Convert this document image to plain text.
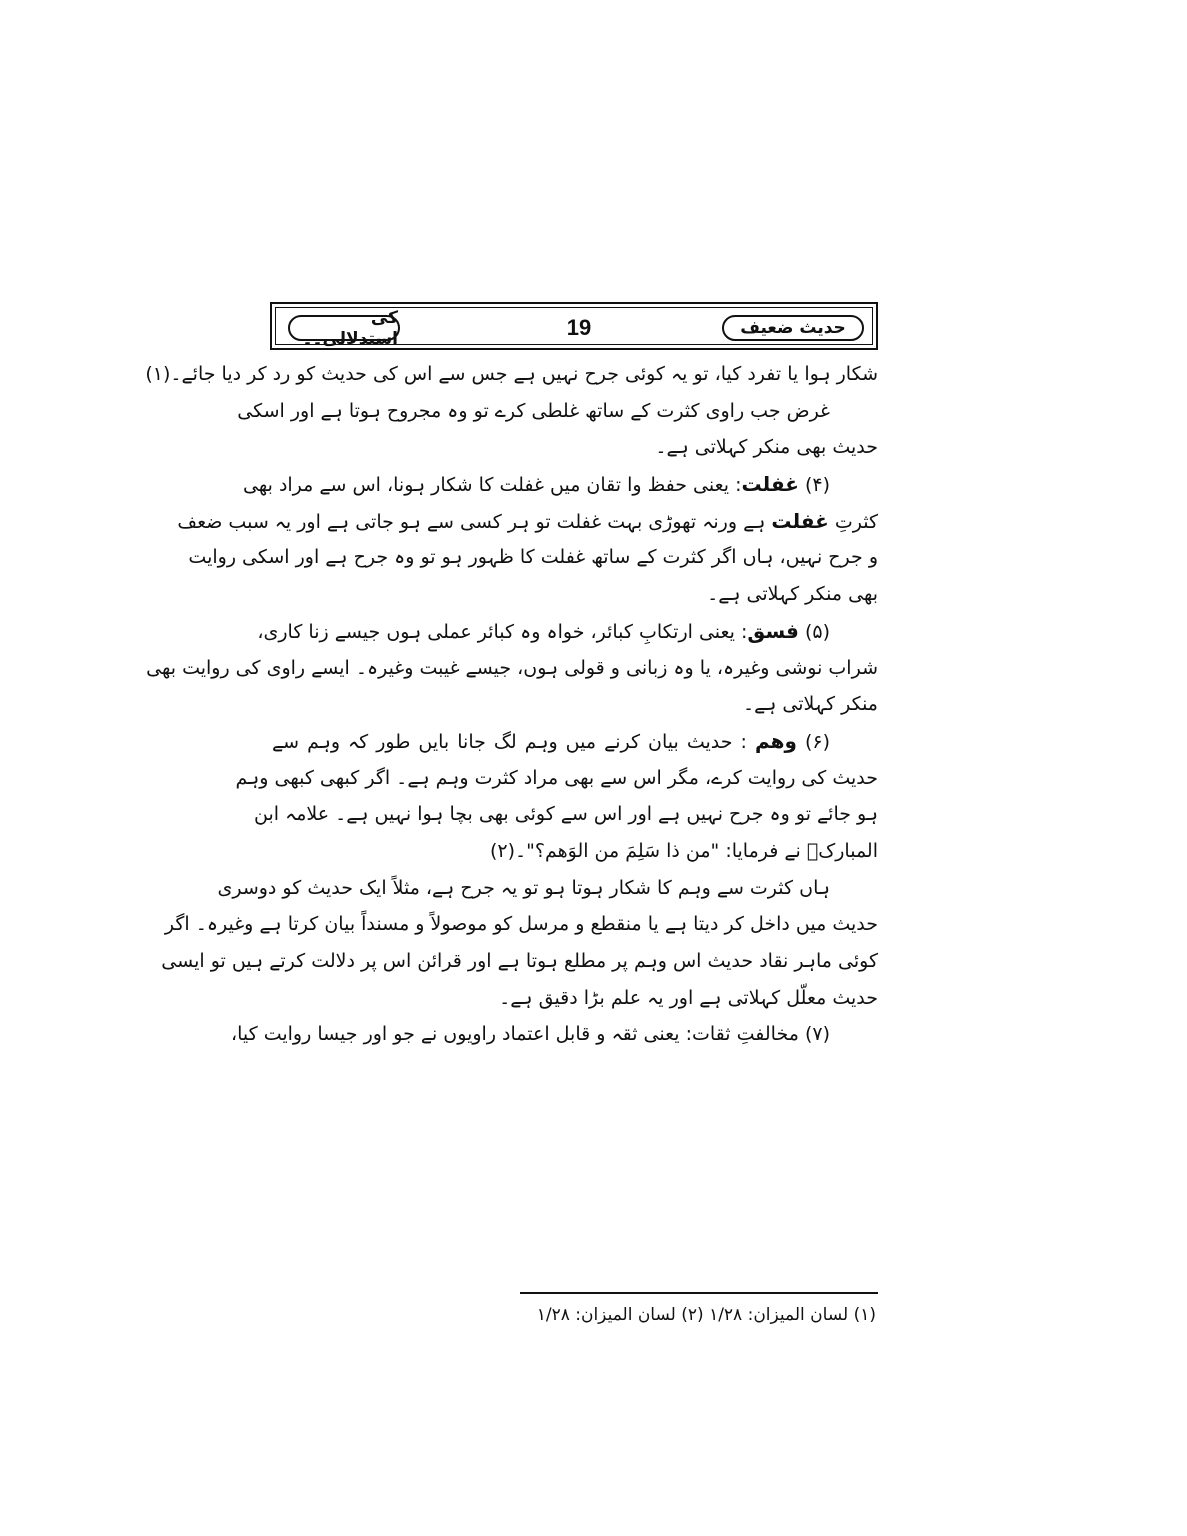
حدیث ضعیف
19
کی استدلالی۔۔
شکار ہوا یا تفرد کیا، تو یہ کوئی جرح نہیں ہے جس سے اس کی حدیث کو رد کر دیا جائے۔(۱)
غرض جب راوی کثرت کے ساتھ غلطی کرے تو وہ مجروح ہوتا ہے اور اسکی
حدیث بھی منکر کہلاتی ہے۔
(۴) غفلت: یعنی حفظ وا تقان میں غفلت کا شکار ہونا، اس سے مراد بھی
کثرتِ غفلت ہے ورنہ تھوڑی بہت غفلت تو ہر کسی سے ہو جاتی ہے اور یہ سبب ضعف
و جرح نہیں، ہاں اگر کثرت کے ساتھ غفلت کا ظہور ہو تو وہ جرح ہے اور اسکی روایت
بھی منکر کہلاتی ہے۔
(۵) فسق: یعنی ارتکابِ کبائر، خواہ وہ کبائر عملی ہوں جیسے زنا کاری،
شراب نوشی وغیرہ، یا وہ زبانی و قولی ہوں، جیسے غیبت وغیرہ۔ ایسے راوی کی روایت بھی
منکر کہلاتی ہے۔
(۶) وھم : حدیث بیان کرنے میں وہم لگ جانا بایں طور کہ وہم سے
حدیث کی روایت کرے، مگر اس سے بھی مراد کثرت وہم ہے۔ اگر کبھی کبھی وہم
ہو جائے تو وہ جرح نہیں ہے اور اس سے کوئی بھی بچا ہوا نہیں ہے۔ علامہ ابن
المبارکؒ نے فرمایا: "من ذا سَلِمَ من الوَھم؟"۔(۲)
ہاں کثرت سے وہم کا شکار ہوتا ہو تو یہ جرح ہے، مثلاً ایک حدیث کو دوسری
حدیث میں داخل کر دیتا ہے یا منقطع و مرسل کو موصولاً و مسنداً بیان کرتا ہے وغیرہ۔ اگر
کوئی ماہر نقاد حدیث اس وہم پر مطلع ہوتا ہے اور قرائن اس پر دلالت کرتے ہیں تو ایسی
حدیث معلّل کہلاتی ہے اور یہ علم بڑا دقیق ہے۔
(۷) مخالفتِ ثقات: یعنی ثقہ و قابل اعتماد راویوں نے جو اور جیسا روایت کیا،
(۱) لسان المیزان: ۱/۲۸ (۲) لسان المیزان: ۱/۲۸
